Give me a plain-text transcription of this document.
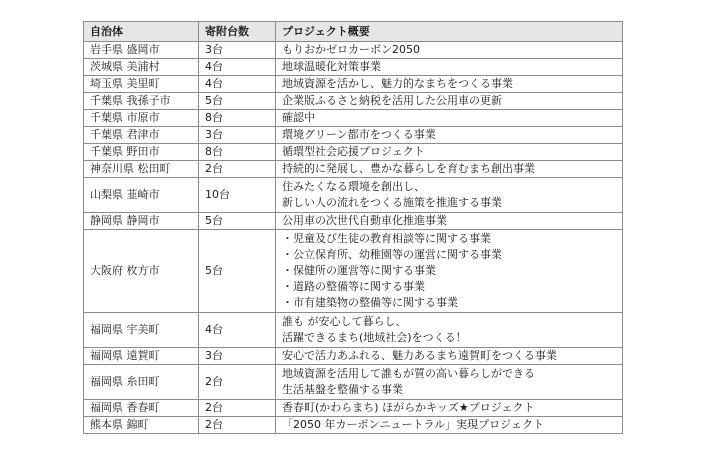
自治体	寄附台数	プロジェクト概要
岩手県 盛岡市	3台	もりおかゼロカーボン2050

茨城県 美浦村	4台	地球温暖化対策事業

埼玉県 美里町	4台	地域資源を活かし、魅力的なまちをつくる事業

千葉県 我孫子市	5台	企業版ふるさと納税を活用した公用車の更新

千葉県 市原市	8台	確認中

千葉県 君津市	3台	環境グリーン都市をつくる事業

千葉県 野田市	8台	循環型社会応援プロジェクト

神奈川県 松田町	2台	持続的に発展し、豊かな暮らしを育むまち創出事業

山梨県 韮崎市	10台	住みたくなる環境を創出し、
新しい人の流れをつくる施策を推進する事業

静岡県 静岡市	5台	公用車の次世代自動車化推進事業

大阪府 枚方市	5台	・児童及び生徒の教育相談等に関する事業
・公立保育所、幼稚園等の運営に関する事業
・保健所の運営等に関する事業
・道路の整備等に関する事業
・市有建築物の整備等に関する事業

福岡県 宇美町	4台	誰も が安心して暮らし、
活躍できるまち(地域社会)をつくる！

福岡県 遠賀町	3台	安心で活力あふれる、魅力あるまち遠賀町をつくる事業

福岡県 糸田町	2台	地域資源を活用して誰もが質の高い暮らしができる
生活基盤を整備する事業

福岡県 香春町	2台	香春町(かわらまち) ほがらかキッズ★プロジェクト

熊本県 錦町	2台	「2050 年カーボンニュートラル」実現プロジェクト
